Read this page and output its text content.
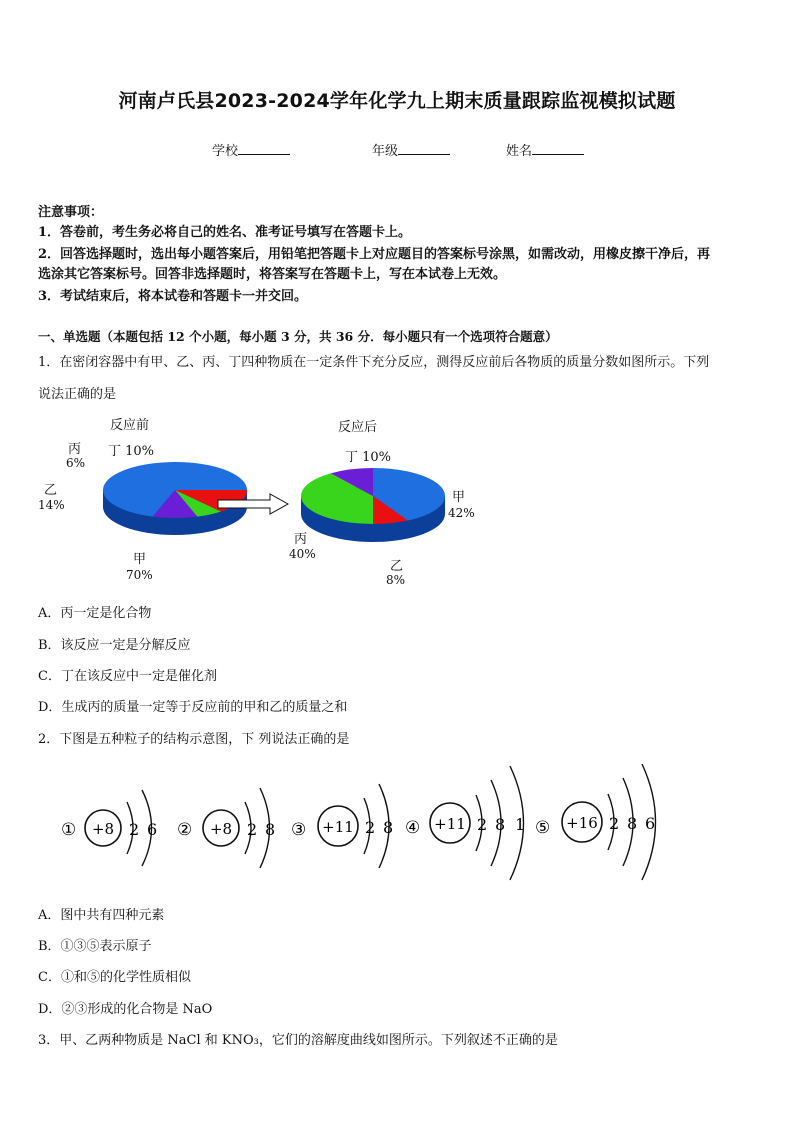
河南卢氏县2023-2024学年化学九上期末质量跟踪监视模拟试题
学校	年级	姓名
注意事项：
1．答卷前，考生务必将自己的姓名、准考证号填写在答题卡上。
2．回答选择题时，选出每小题答案后，用铅笔把答题卡上对应题目的答案标号涂黑，如需改动，用橡皮擦干净后，再
选涂其它答案标号。回答非选择题时，将答案写在答题卡上，写在本试卷上无效。
3．考试结束后，将本试卷和答题卡一并交回。
一、单选题（本题包括 12 个小题，每小题 3 分，共 36 分．每小题只有一个选项符合题意）
1．在密闭容器中有甲、乙、丙、丁四种物质在一定条件下充分反应，测得反应前后各物质的质量分数如图所示。下列
说法正确的是
反应前
丙
6%
丁 10%
乙
14%
甲
70%
反应后
丁 10%
甲
42%
丙
40%
乙
8%
A．丙一定是化合物
B．该反应一定是分解反应
C．丁在该反应中一定是催化剂
D．生成丙的质量一定等于反应前的甲和乙的质量之和
2．下图是五种粒子的结构示意图，下 列说法正确的是
① +8 2 6 ② +8 2 8 ③ +11 2 8 ④ +11 2 8 1 ⑤ +16 2 8 6
A．图中共有四种元素
B．①③⑤表示原子
C．①和⑤的化学性质相似
D．②③形成的化合物是 NaO
3．甲、乙两种物质是 NaCl 和 KNO₃，它们的溶解度曲线如图所示。下列叙述不正确的是
